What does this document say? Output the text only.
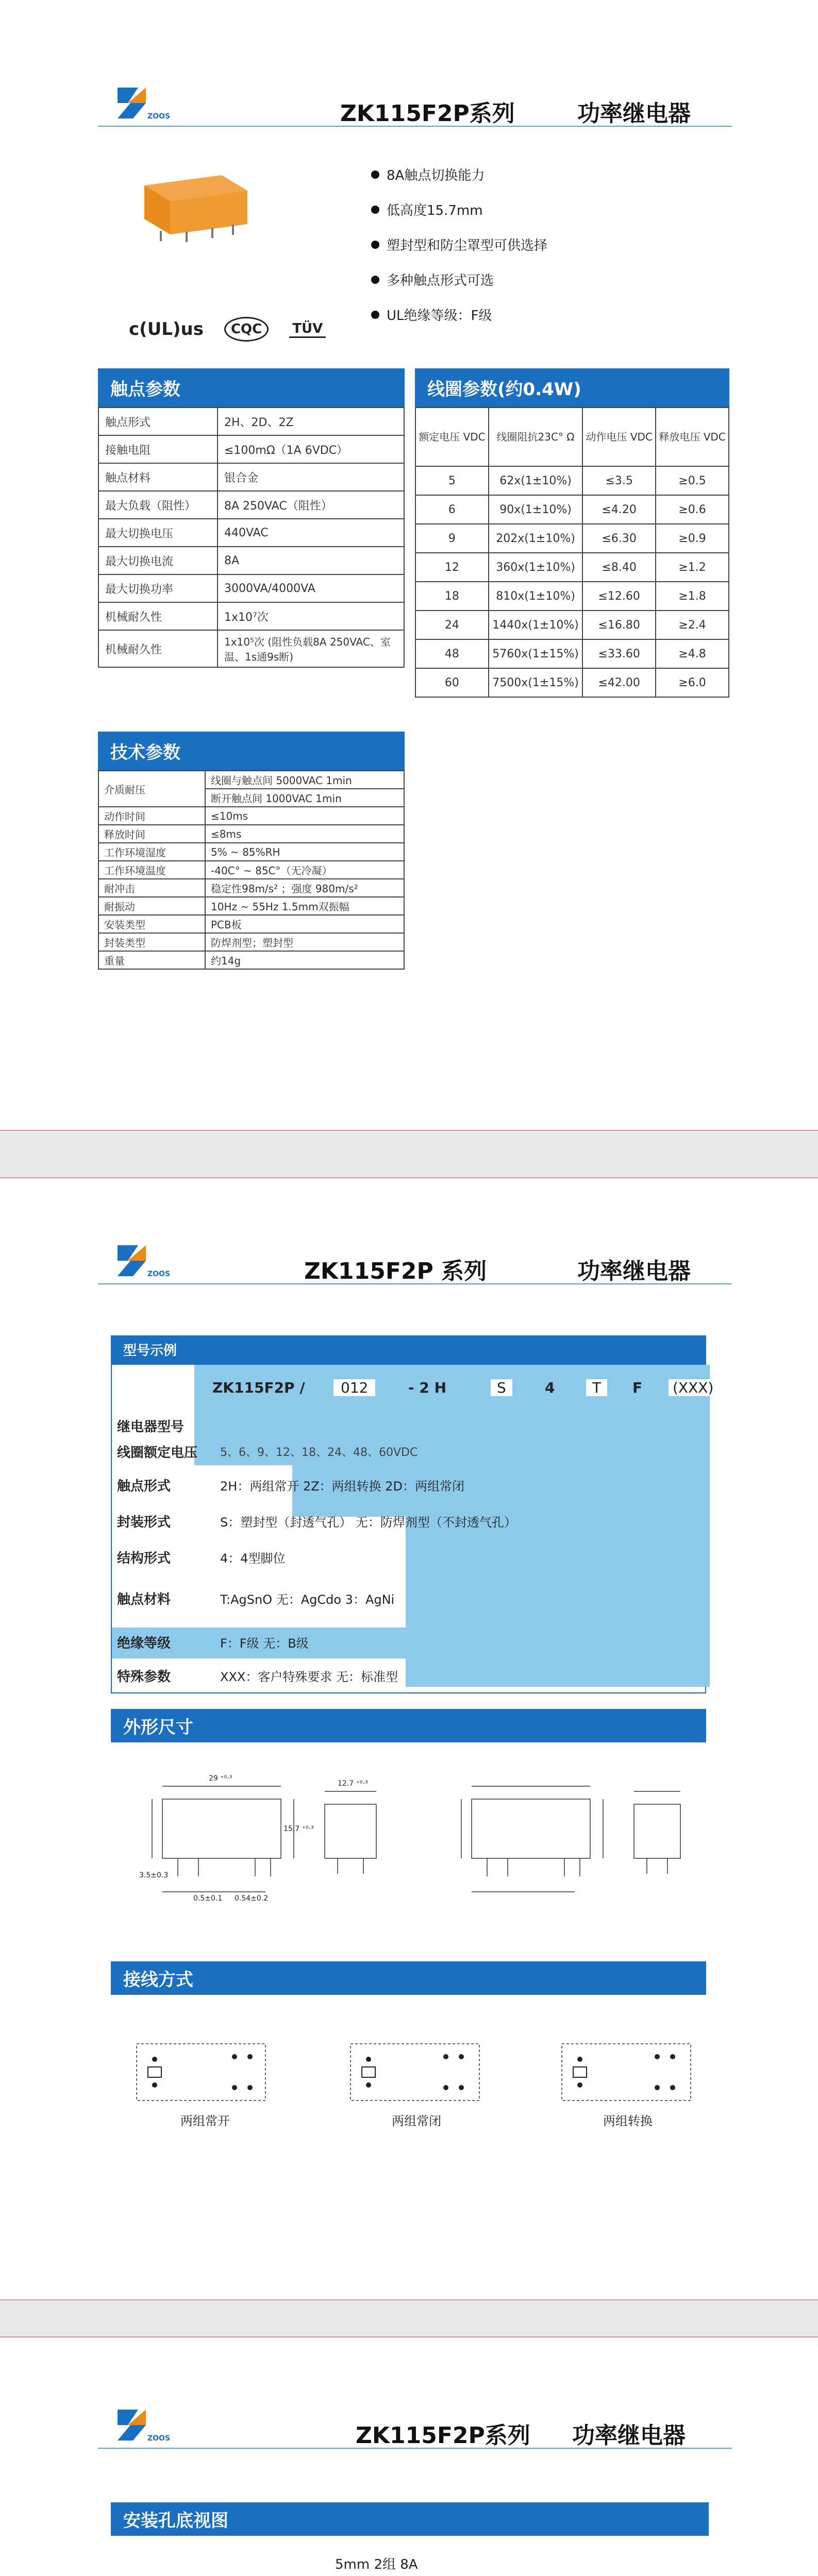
ZOOS	ZK115F2P系列	功率继电器
8A触点切换能力
低高度15.7mm
塑封型和防尘罩型可供选择
多种触点形式可选
UL绝缘等级：F级
c(UL)us	CQC	TÜV
触点参数
触点形式	2H、2D、2Z
接触电阻	≤100mΩ（1A 6VDC）
触点材料	银合金
最大负载（阻性）	8A 250VAC（阻性）
最大切换电压	440VAC
最大切换电流	8A
最大切换功率	3000VA/4000VA
机械耐久性	1x10⁷次
机械耐久性	1x10⁵次 (阻性负载8A 250VAC、室温、1s通9s断)
线圈参数(约0.4W)
额定电压 VDC	线圈阻抗23C° Ω	动作电压 VDC	释放电压 VDC
5	62x(1±10%)	≤3.5	≥0.5
6	90x(1±10%)	≤4.20	≥0.6
9	202x(1±10%)	≤6.30	≥0.9
12	360x(1±10%)	≤8.40	≥1.2
18	810x(1±10%)	≤12.60	≥1.8
24	1440x(1±10%)	≤16.80	≥2.4
48	5760x(1±15%)	≤33.60	≥4.8
60	7500x(1±15%)	≤42.00	≥6.0
技术参数
介质耐压	线圈与触点间 5000VAC 1min
	断开触点间 1000VAC 1min
动作时间	≤10ms
释放时间	≤8ms
工作环境湿度	5% ~ 85%RH
工作环境温度	-40C° ~ 85C°（无冷凝）
耐冲击	稳定性98m/s² ；强度 980m/s²
耐振动	10Hz ~ 55Hz 1.5mm双振幅
安装类型	PCB板
封装类型	防焊剂型；塑封型
重量	约14g
ZOOS	ZK115F2P 系列	功率继电器
型号示例
ZK115F2P /	012	- 2 H	S	4	T	F (XXX)
继电器型号
线圈额定电压	5、6、9、12、18、24、48、60VDC
触点形式	2H：两组常开 2Z：两组转换 2D：两组常闭
封装形式	S：塑封型（封透气孔） 无：防焊剂型（不封透气孔）
结构形式	4：4型脚位
触点材料	T:AgSnO 无：AgCdo 3：AgNi
绝缘等级	F：F级 无：B级
特殊参数	XXX：客户特殊要求 无：标准型
外形尺寸
29 ⁺⁰·³
12.7 ⁺⁰·³
15.7 ⁺⁰·³
3.5±0.3
0.5±0.1 0.54±0.2
接线方式
两组常开	两组常闭	两组转换
ZOOS	ZK115F2P系列 功率继电器
安装孔底视图
5mm 2组 8A
